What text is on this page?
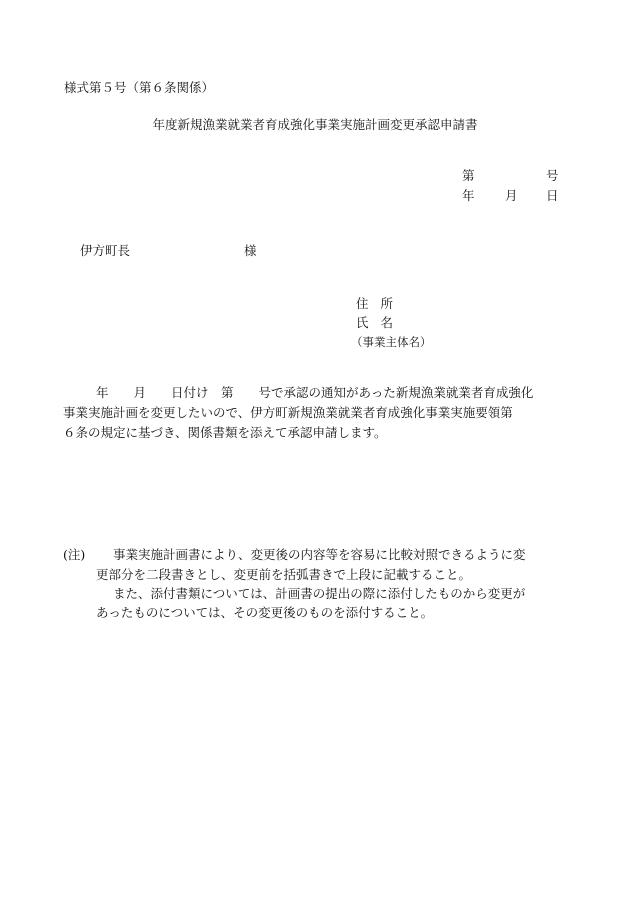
様式第５号（第６条関係）
年度新規漁業就業者育成強化事業実施計画変更承認申請書
第	号
年 月 日
伊方町長	様
住所
氏名
（事業主体名）
年　　月　　日付け　第　　号で承認の通知があった新規漁業就業者育成強化
事業実施計画を変更したいので、伊方町新規漁業就業者育成強化事業実施要領第
６条の規定に基づき、関係書類を添えて承認申請します。
(注) 事業実施計画書により、変更後の内容等を容易に比較対照できるように変
更部分を二段書きとし、変更前を括弧書きで上段に記載すること。
また、添付書類については、計画書の提出の際に添付したものから変更が
あったものについては、その変更後のものを添付すること。
